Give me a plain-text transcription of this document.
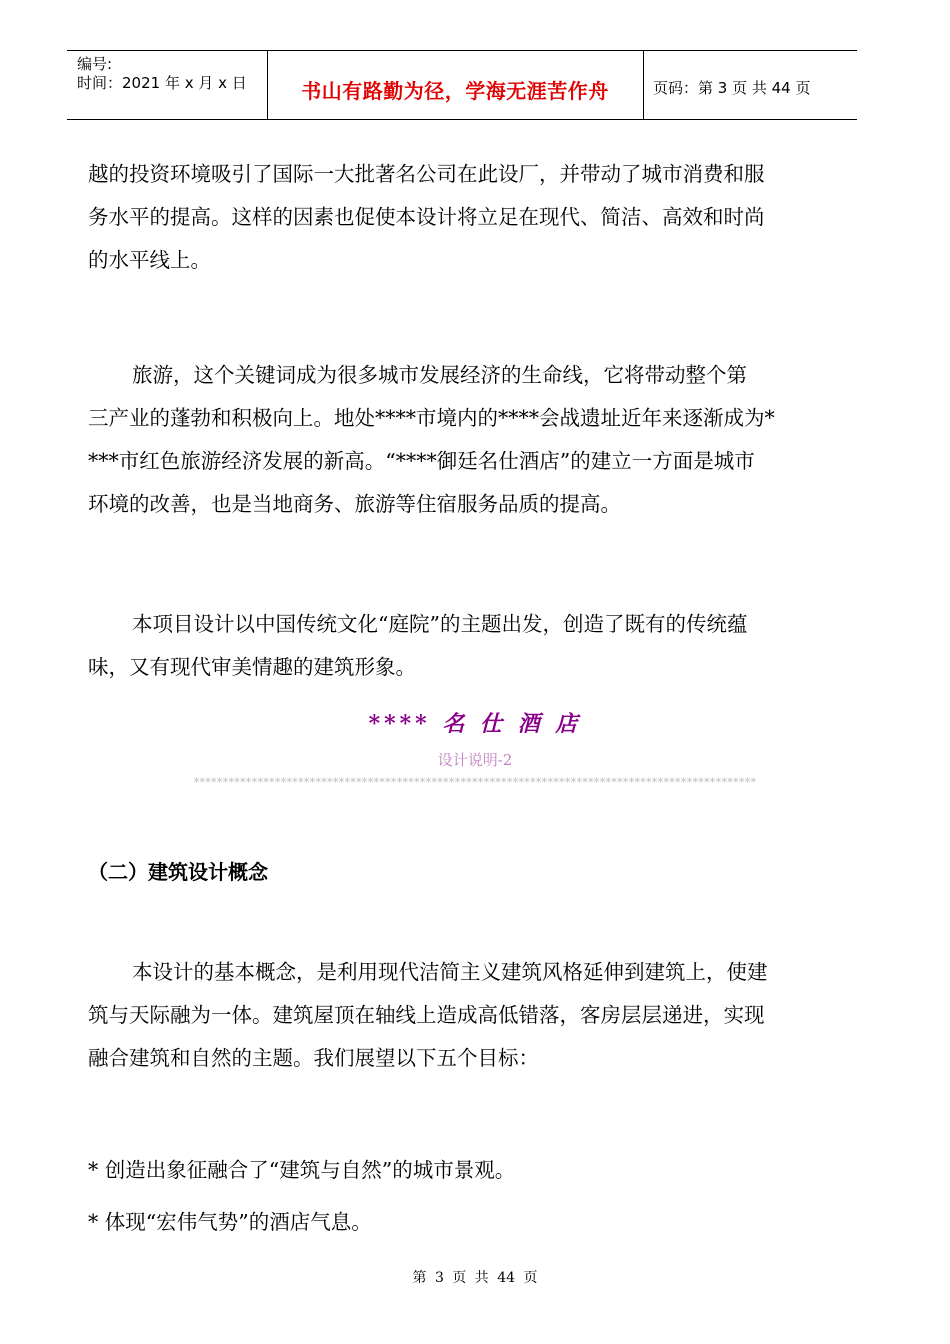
编号:
时间：2021 年 x 月 x 日	书山有路勤为径，学海无涯苦作舟	页码：第 3 页 共 44 页
越的投资环境吸引了国际一大批著名公司在此设厂，并带动了城市消费和服
务水平的提高。这样的因素也促使本设计将立足在现代、简洁、高效和时尚
的水平线上。
旅游，这个关键词成为很多城市发展经济的生命线，它将带动整个第
三产业的蓬勃和积极向上。地处****市境内的****会战遗址近年来逐渐成为*
***市红色旅游经济发展的新高。“****御廷名仕酒店”的建立一方面是城市
环境的改善，也是当地商务、旅游等住宿服务品质的提高。
本项目设计以中国传统文化“庭院”的主题出发，创造了既有的传统蕴
味，又有现代审美情趣的建筑形象。
**** 名 仕 酒 店
设计说明-2
*************************************************************************************************
（二）建筑设计概念
本设计的基本概念，是利用现代洁简主义建筑风格延伸到建筑上，使建
筑与天际融为一体。建筑屋顶在轴线上造成高低错落，客房层层递进，实现
融合建筑和自然的主题。我们展望以下五个目标：
* 创造出象征融合了“建筑与自然”的城市景观。
* 体现“宏伟气势”的酒店气息。
第 3 页 共 44 页
